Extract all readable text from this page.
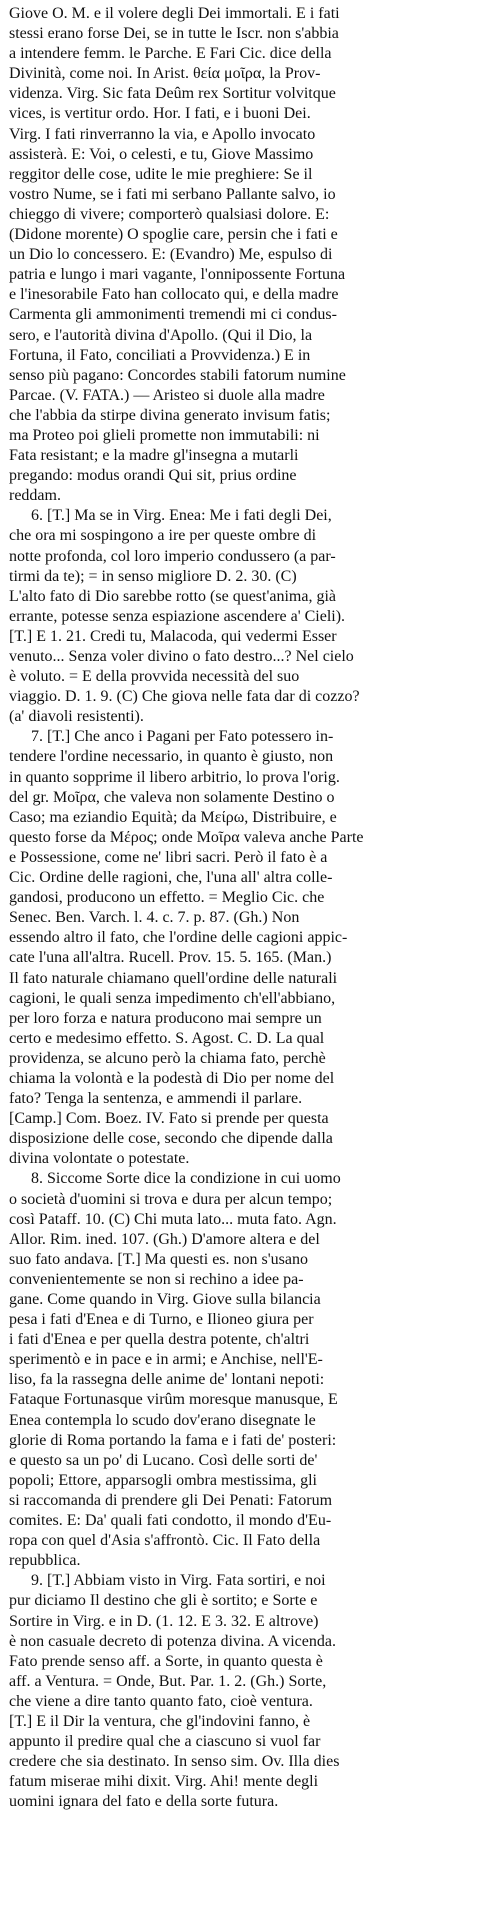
Giove O. M. e il volere degli Dei immortali. E i fati
stessi erano forse Dei, se in tutte le Iscr. non s'abbia
a intendere femm. le Parche. E Fari Cic. dice della
Divinità, come noi. In Arist. θεία μοῖρα, la Prov-
videnza. Virg. Sic fata Deûm rex Sortitur volvitque
vices, is vertitur ordo. Hor. I fati, e i buoni Dei.
Virg. I fati rinverranno la via, e Apollo invocato
assisterà. E: Voi, o celesti, e tu, Giove Massimo
reggitor delle cose, udite le mie preghiere: Se il
vostro Nume, se i fati mi serbano Pallante salvo, io
chieggo di vivere; comporterò qualsiasi dolore. E:
(Didone morente) O spoglie care, persin che i fati e
un Dio lo concessero. E: (Evandro) Me, espulso di
patria e lungo i mari vagante, l'onnipossente Fortuna
e l'inesorabile Fato han collocato qui, e della madre
Carmenta gli ammonimenti tremendi mi ci condus-
sero, e l'autorità divina d'Apollo. (Qui il Dio, la
Fortuna, il Fato, conciliati a Provvidenza.) E in
senso più pagano: Concordes stabili fatorum numine
Parcae. (V. FATA.) — Aristeo si duole alla madre
che l'abbia da stirpe divina generato invisum fatis;
ma Proteo poi glieli promette non immutabili: ni
Fata resistant; e la madre gl'insegna a mutarli
pregando: modus orandi Qui sit, prius ordine
reddam.

6. [T.] Ma se in Virg. Enea: Me i fati degli Dei,
che ora mi sospingono a ire per queste ombre di
notte profonda, col loro imperio condussero (a par-
tirmi da te); = in senso migliore D. 2. 30. (C)
L'alto fato di Dio sarebbe rotto (se quest'anima, già
errante, potesse senza espiazione ascendere a' Cieli).
[T.] E 1. 21. Credi tu, Malacoda, qui vedermi Esser
venuto... Senza voler divino o fato destro...? Nel cielo
è voluto. = E della provvida necessità del suo
viaggio. D. 1. 9. (C) Che giova nelle fata dar di cozzo?
(a' diavoli resistenti).

7. [T.] Che anco i Pagani per Fato potessero in-
tendere l'ordine necessario, in quanto è giusto, non
in quanto sopprime il libero arbitrio, lo prova l'orig.
del gr. Μοῖρα, che valeva non solamente Destino o
Caso; ma eziandio Equità; da Μείρω, Distribuire, e
questo forse da Μέρος; onde Μοῖρα valeva anche Parte
e Possessione, come ne' libri sacri. Però il fato è a
Cic. Ordine delle ragioni, che, l'una all' altra colle-
gandosi, producono un effetto. = Meglio Cic. che
Senec. Ben. Varch. l. 4. c. 7. p. 87. (Gh.) Non
essendo altro il fato, che l'ordine delle cagioni appic-
cate l'una all'altra. Rucell. Prov. 15. 5. 165. (Man.)
Il fato naturale chiamano quell'ordine delle naturali
cagioni, le quali senza impedimento ch'ell'abbiano,
per loro forza e natura producono mai sempre un
certo e medesimo effetto. S. Agost. C. D. La qual
providenza, se alcuno però la chiama fato, perchè
chiama la volontà e la podestà di Dio per nome del
fato? Tenga la sentenza, e ammendi il parlare.
[Camp.] Com. Boez. IV. Fato si prende per questa
disposizione delle cose, secondo che dipende dalla
divina volontate o potestate.

8. Siccome Sorte dice la condizione in cui uomo
o società d'uomini si trova e dura per alcun tempo;
così Pataff. 10. (C) Chi muta lato... muta fato. Agn.
Allor. Rim. ined. 107. (Gh.) D'amore altera e del
suo fato andava. [T.] Ma questi es. non s'usano
convenientemente se non si rechino a idee pa-
gane. Come quando in Virg. Giove sulla bilancia
pesa i fati d'Enea e di Turno, e Ilioneo giura per
i fati d'Enea e per quella destra potente, ch'altri
sperimentò e in pace e in armi; e Anchise, nell'E-
liso, fa la rassegna delle anime de' lontani nepoti:
Fataque Fortunasque virûm moresque manusque, E
Enea contempla lo scudo dov'erano disegnate le
glorie di Roma portando la fama e i fati de' posteri:
e questo sa un po' di Lucano. Così delle sorti de'
popoli; Ettore, apparsogli ombra mestissima, gli
si raccomanda di prendere gli Dei Penati: Fatorum
comites. E: Da' quali fati condotto, il mondo d'Eu-
ropa con quel d'Asia s'affrontò. Cic. Il Fato della
repubblica.

9. [T.] Abbiam visto in Virg. Fata sortiri, e noi
pur diciamo Il destino che gli è sortito; e Sorte e
Sortire in Virg. e in D. (1. 12. E 3. 32. E altrove)
è non casuale decreto di potenza divina. A vicenda.
Fato prende senso aff. a Sorte, in quanto questa è
aff. a Ventura. = Onde, But. Par. 1. 2. (Gh.) Sorte,
che viene a dire tanto quanto fato, cioè ventura.
[T.] E il Dir la ventura, che gl'indovini fanno, è
appunto il predire qual che a ciascuno si vuol far
credere che sia destinato. In senso sim. Ov. Illa dies
fatum miserae mihi dixit. Virg. Ahi! mente degli
uomini ignara del fato e della sorte futura.
